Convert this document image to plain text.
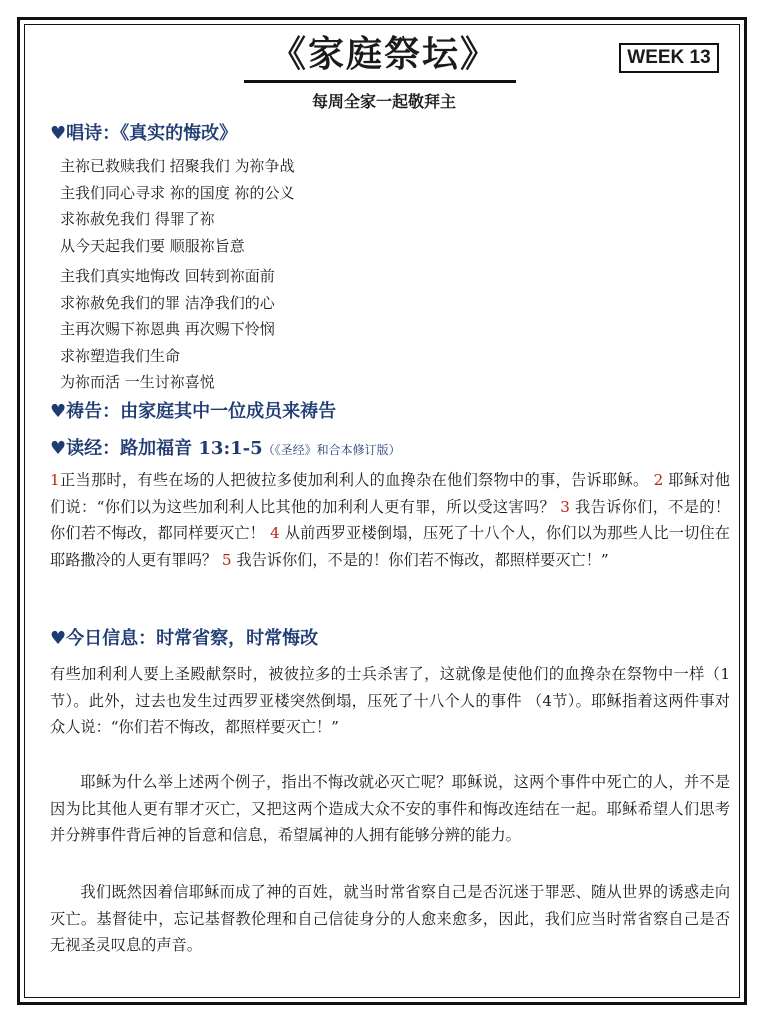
《家庭祭坛》	WEEK 13
每周全家一起敬拜主
♥唱诗：《真实的悔改》
主祢已救赎我们 招聚我们 为祢争战
主我们同心寻求 祢的国度 祢的公义
求祢赦免我们 得罪了祢
从今天起我们要 顺服祢旨意
主我们真实地悔改 回转到祢面前
求祢赦免我们的罪 洁净我们的心
主再次赐下祢恩典 再次赐下怜悯
求祢塑造我们生命
为祢而活 一生讨祢喜悦
♥祷告：由家庭其中一位成员来祷告
♥读经：路加福音 13:1-5（《圣经》和合本修订版）
1正当那时，有些在场的人把彼拉多使加利利人的血搀杂在他们祭物中的事，告诉耶稣。 2 耶稣对他们说：“你们以为这些加利利人比其他的加利利人更有罪，所以受这害吗？ 3 我告诉你们，不是的！你们若不悔改，都同样要灭亡！ 4 从前西罗亚楼倒塌，压死了十八个人，你们以为那些人比一切住在耶路撒冷的人更有罪吗？ 5 我告诉你们，不是的！你们若不悔改，都照样要灭亡！”
♥今日信息：时常省察，时常悔改
有些加利利人要上圣殿献祭时，被彼拉多的士兵杀害了，这就像是使他们的血搀杂在祭物中一样（1节）。此外，过去也发生过西罗亚楼突然倒塌，压死了十八个人的事件 （4节）。耶稣指着这两件事对众人说：“你们若不悔改，都照样要灭亡！”
耶稣为什么举上述两个例子，指出不悔改就必灭亡呢？耶稣说，这两个事件中死亡的人，并不是因为比其他人更有罪才灭亡，又把这两个造成大众不安的事件和悔改连结在一起。耶稣希望人们思考并分辨事件背后神的旨意和信息，希望属神的人拥有能够分辨的能力。
我们既然因着信耶稣而成了神的百姓，就当时常省察自己是否沉迷于罪恶、随从世界的诱惑走向灭亡。基督徒中，忘记基督教伦理和自己信徒身分的人愈来愈多，因此，我们应当时常省察自己是否无视圣灵叹息的声音。
